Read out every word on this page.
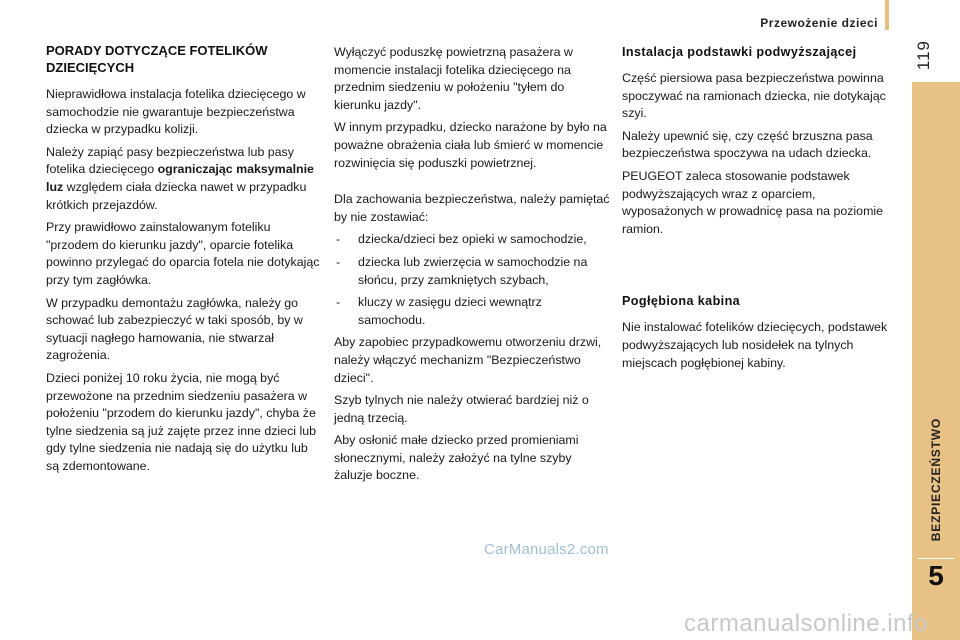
Przewożenie dzieci
119
BEZPIECZEŃSTWO
5
PORADY DOTYCZĄCE FOTELIKÓW DZIECIĘCYCH

Nieprawidłowa instalacja fotelika dziecięcego w samochodzie nie gwarantuje bezpieczeństwa dziecka w przypadku kolizji.

Należy zapiąć pasy bezpieczeństwa lub pasy fotelika dziecięcego ograniczając maksymalnie luz względem ciała dziecka nawet w przypadku krótkich przejazdów.

Przy prawidłowo zainstalowanym foteliku "przodem do kierunku jazdy", oparcie fotelika powinno przylegać do oparcia fotela nie dotykając przy tym zagłówka.

W przypadku demontażu zagłówka, należy go schować lub zabezpieczyć w taki sposób, by w sytuacji nagłego hamowania, nie stwarzał zagrożenia.

Dzieci poniżej 10 roku życia, nie mogą być przewożone na przednim siedzeniu pasażera w położeniu "przodem do kierunku jazdy", chyba że tylne siedzenia są już zajęte przez inne dzieci lub gdy tylne siedzenia nie nadają się do użytku lub są zdemontowane.

Wyłączyć poduszkę powietrzną pasażera w momencie instalacji fotelika dziecięcego na przednim siedzeniu w położeniu "tyłem do kierunku jazdy".

W innym przypadku, dziecko narażone by było na poważne obrażenia ciała lub śmierć w momencie rozwinięcia się poduszki powietrznej.

Dla zachowania bezpieczeństwa, należy pamiętać by nie zostawiać:

- dziecka/dzieci bez opieki w samochodzie,
- dziecka lub zwierzęcia w samochodzie na słońcu, przy zamkniętych szybach,
- kluczy w zasięgu dzieci wewnątrz samochodu.

Aby zapobiec przypadkowemu otworzeniu drzwi, należy włączyć mechanizm "Bezpieczeństwo dzieci".

Szyb tylnych nie należy otwierać bardziej niż o jedną trzecią.

Aby osłonić małe dziecko przed promieniami słonecznymi, należy założyć na tylne szyby żaluzje boczne.

Instalacja podstawki podwyższającej

Część piersiowa pasa bezpieczeństwa powinna spoczywać na ramionach dziecka, nie dotykając szyi.

Należy upewnić się, czy część brzuszna pasa bezpieczeństwa spoczywa na udach dziecka.

PEUGEOT zaleca stosowanie podstawek podwyższających wraz z oparciem, wyposażonych w prowadnicę pasa na poziomie ramion.

Pogłębiona kabina

Nie instalować fotelików dziecięcych, podstawek podwyższających lub nosidełek na tylnych miejscach pogłębionej kabiny.

CarManuals2.com
carmanualsonline.info
